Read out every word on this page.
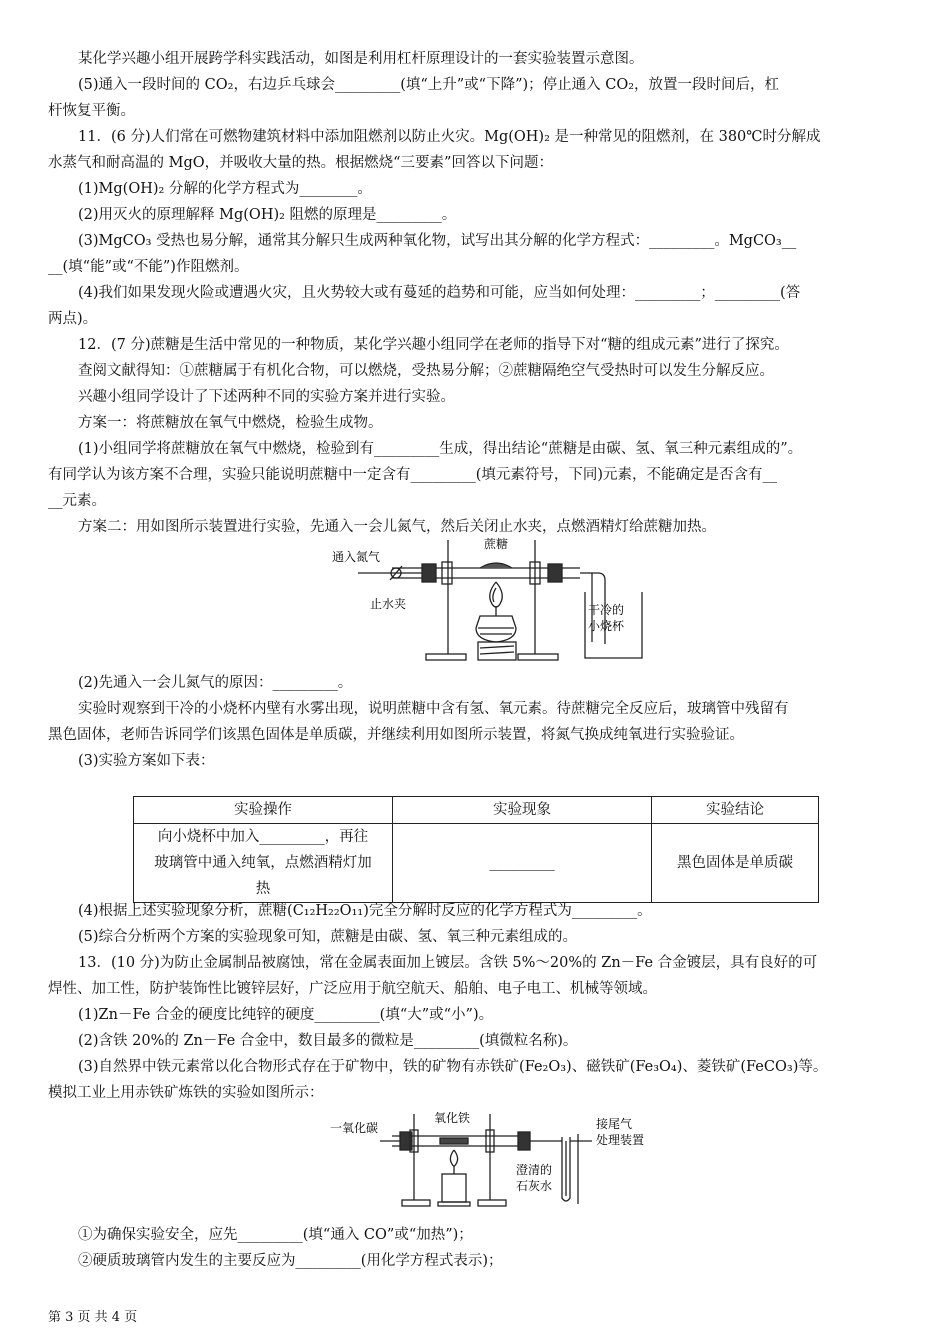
某化学兴趣小组开展跨学科实践活动，如图是利用杠杆原理设计的一套实验装置示意图。
(5)通入一段时间的 CO₂，右边乒乓球会_________(填“上升”或“下降”)；停止通入 CO₂，放置一段时间后，杠
杆恢复平衡。
11．(6 分)人们常在可燃物建筑材料中添加阻燃剂以防止火灾。Mg(OH)₂ 是一种常见的阻燃剂，在 380℃时分解成
水蒸气和耐高温的 MgO，并吸收大量的热。根据燃烧“三要素”回答以下问题：
(1)Mg(OH)₂ 分解的化学方程式为________。
(2)用灭火的原理解释 Mg(OH)₂ 阻燃的原理是_________。
(3)MgCO₃ 受热也易分解，通常其分解只生成两种氧化物，试写出其分解的化学方程式：_________。MgCO₃__
__(填“能”或“不能”)作阻燃剂。
(4)我们如果发现火险或遭遇火灾，且火势较大或有蔓延的趋势和可能，应当如何处理：_________；_________(答
两点)。
12．(7 分)蔗糖是生活中常见的一种物质，某化学兴趣小组同学在老师的指导下对“糖的组成元素”进行了探究。
查阅文献得知：①蔗糖属于有机化合物，可以燃烧，受热易分解；②蔗糖隔绝空气受热时可以发生分解反应。
兴趣小组同学设计了下述两种不同的实验方案并进行实验。
方案一：将蔗糖放在氧气中燃烧，检验生成物。
(1)小组同学将蔗糖放在氧气中燃烧，检验到有_________生成，得出结论“蔗糖是由碳、氢、氧三种元素组成的”。
有同学认为该方案不合理，实验只能说明蔗糖中一定含有_________(填元素符号，下同)元素，不能确定是否含有__
__元素。
方案二：用如图所示装置进行实验，先通入一会儿氮气，然后关闭止水夹，点燃酒精灯给蔗糖加热。
通入氮气
蔗糖
止水夹	干冷的
小烧杯
(2)先通入一会儿氮气的原因：_________。
实验时观察到干冷的小烧杯内壁有水雾出现，说明蔗糖中含有氢、氧元素。待蔗糖完全反应后，玻璃管中残留有
黑色固体，老师告诉同学们该黑色固体是单质碳，并继续利用如图所示装置，将氮气换成纯氧进行实验验证。
(3)实验方案如下表：
实验操作	实验现象	实验结论

向小烧杯中加入_________，再往
玻璃管中通入纯氧，点燃酒精灯加
热	_________	黑色固体是单质碳
(4)根据上述实验现象分析，蔗糖(C₁₂H₂₂O₁₁)完全分解时反应的化学方程式为_________。
(5)综合分析两个方案的实验现象可知，蔗糖是由碳、氢、氧三种元素组成的。
13．(10 分)为防止金属制品被腐蚀，常在金属表面加上镀层。含铁 5%～20%的 Zn－Fe 合金镀层，具有良好的可
焊性、加工性，防护装饰性比镀锌层好，广泛应用于航空航天、船舶、电子电工、机械等领域。
(1)Zn－Fe 合金的硬度比纯锌的硬度_________(填“大”或“小”)。
(2)含铁 20%的 Zn－Fe 合金中，数目最多的微粒是_________(填微粒名称)。
(3)自然界中铁元素常以化合物形式存在于矿物中，铁的矿物有赤铁矿(Fe₂O₃)、磁铁矿(Fe₃O₄)、菱铁矿(FeCO₃)等。
模拟工业上用赤铁矿炼铁的实验如图所示：
一氧化碳
氧化铁	接尾气
处理装置
澄清的
石灰水
①为确保实验安全，应先_________(填“通入 CO”或“加热”)；
②硬质玻璃管内发生的主要反应为_________(用化学方程式表示)；
第 3 页 共 4 页
